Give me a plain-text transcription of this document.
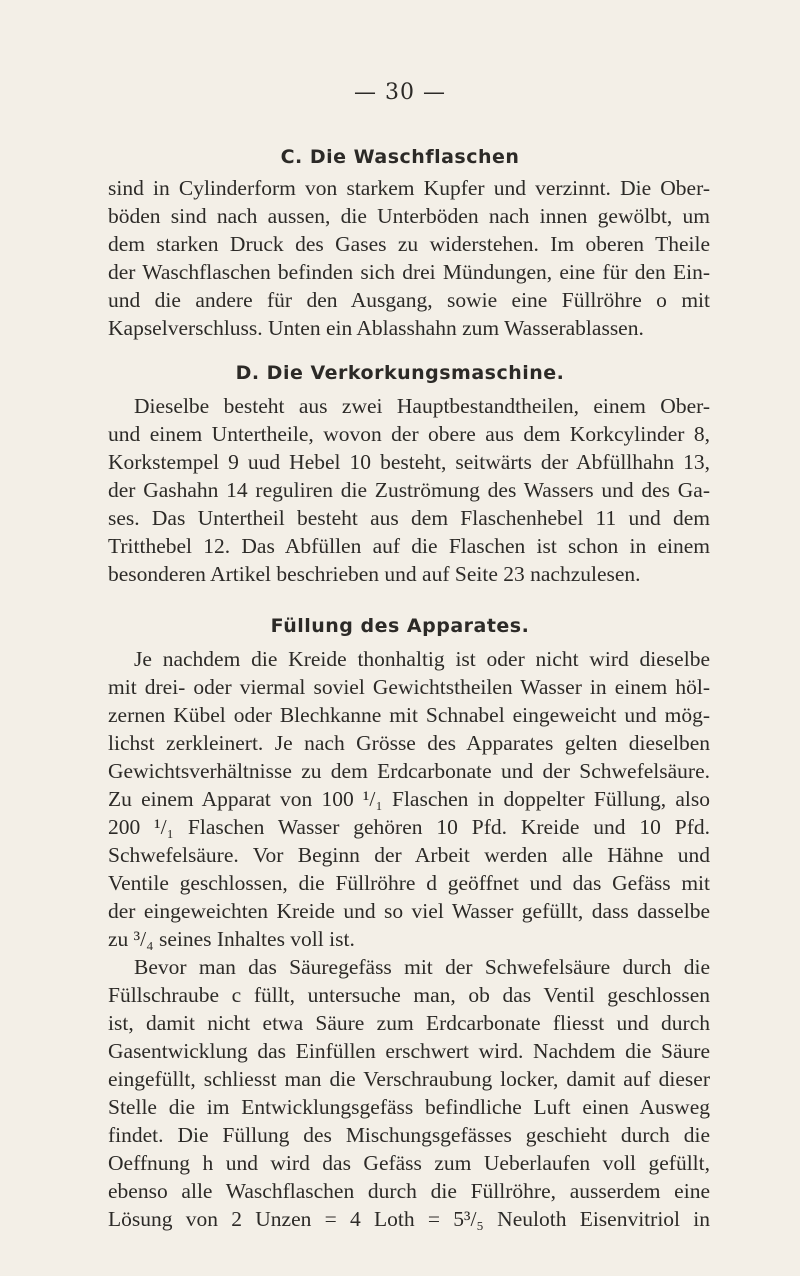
— 30 —
C. Die Waschflaschen
sind in Cylinderform von starkem Kupfer und verzinnt. Die Ober-
böden sind nach aussen, die Unterböden nach innen gewölbt, um
dem starken Druck des Gases zu widerstehen. Im oberen Theile
der Waschflaschen befinden sich drei Mündungen, eine für den Ein-
und die andere für den Ausgang, sowie eine Füllröhre o mit
Kapselverschluss. Unten ein Ablasshahn zum Wasserablassen.
D. Die Verkorkungsmaschine.
Dieselbe besteht aus zwei Hauptbestandtheilen, einem Ober-
und einem Untertheile, wovon der obere aus dem Korkcylinder 8,
Korkstempel 9 uud Hebel 10 besteht, seitwärts der Abfüllhahn 13,
der Gashahn 14 reguliren die Zuströmung des Wassers und des Ga-
ses. Das Untertheil besteht aus dem Flaschenhebel 11 und dem
Tritthebel 12. Das Abfüllen auf die Flaschen ist schon in einem
besonderen Artikel beschrieben und auf Seite 23 nachzulesen.
Füllung des Apparates.
Je nachdem die Kreide thonhaltig ist oder nicht wird dieselbe
mit drei- oder viermal soviel Gewichtstheilen Wasser in einem höl-
zernen Kübel oder Blechkanne mit Schnabel eingeweicht und mög-
lichst zerkleinert. Je nach Grösse des Apparates gelten dieselben
Gewichtsverhältnisse zu dem Erdcarbonate und der Schwefelsäure.
Zu einem Apparat von 100 ¹/₁ Flaschen in doppelter Füllung, also
200 ¹/₁ Flaschen Wasser gehören 10 Pfd. Kreide und 10 Pfd.
Schwefelsäure. Vor Beginn der Arbeit werden alle Hähne und
Ventile geschlossen, die Füllröhre d geöffnet und das Gefäss mit
der eingeweichten Kreide und so viel Wasser gefüllt, dass dasselbe
zu ³/₄ seines Inhaltes voll ist.
Bevor man das Säuregefäss mit der Schwefelsäure durch die
Füllschraube c füllt, untersuche man, ob das Ventil geschlossen
ist, damit nicht etwa Säure zum Erdcarbonate fliesst und durch
Gasentwicklung das Einfüllen erschwert wird. Nachdem die Säure
eingefüllt, schliesst man die Verschraubung locker, damit auf dieser
Stelle die im Entwicklungsgefäss befindliche Luft einen Ausweg
findet. Die Füllung des Mischungsgefässes geschieht durch die
Oeffnung h und wird das Gefäss zum Ueberlaufen voll gefüllt,
ebenso alle Waschflaschen durch die Füllröhre, ausserdem eine
Lösung von 2 Unzen = 4 Loth = 5³/₅ Neuloth Eisenvitriol in
